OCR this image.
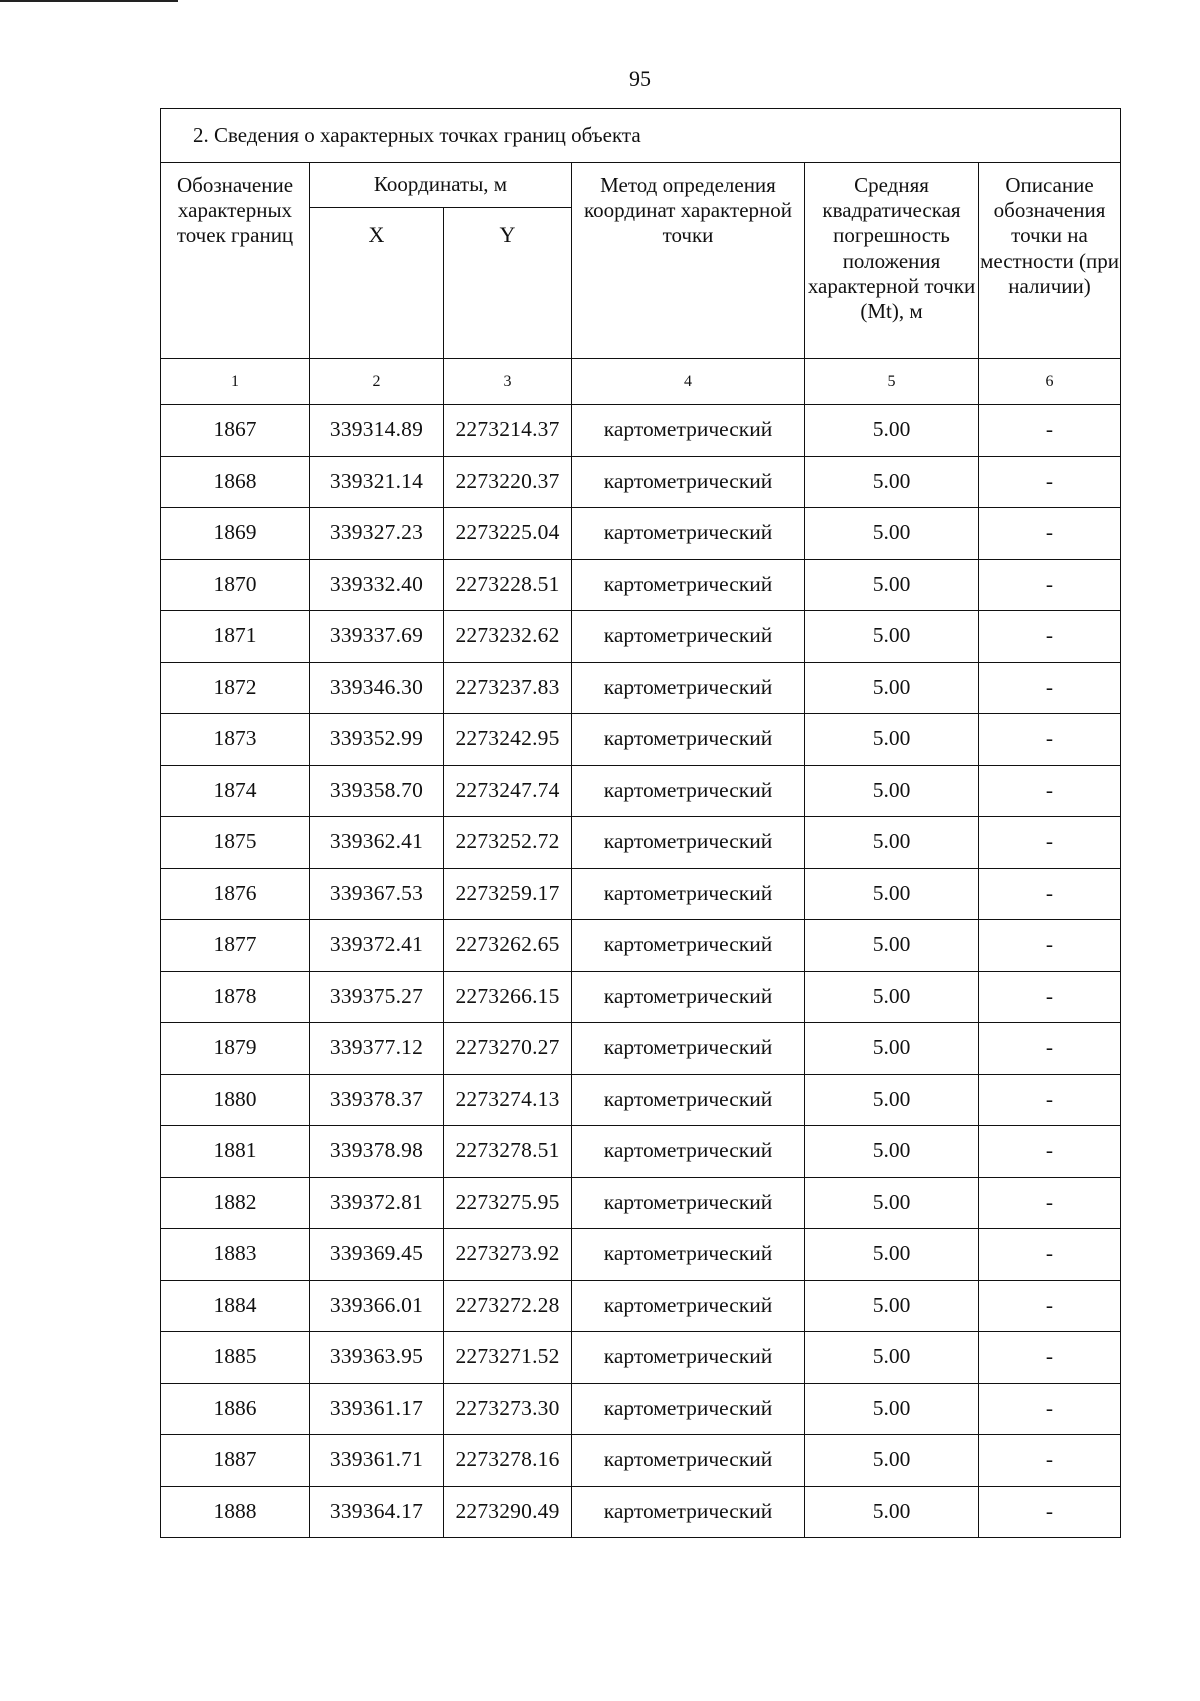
95
2. Сведения о характерных точках границ объекта					
Обозначение характерных точек границ	Координаты, м		Метод определения координат характерной точки	Средняя квадратическая погрешность положения характерной точки (Mt), м	Описание обозначения точки на местности (при наличии)
	X	Y			
1	2	3	4	5	6
1867	339314.89	2273214.37	картометрический	5.00	-
1868	339321.14	2273220.37	картометрический	5.00	-
1869	339327.23	2273225.04	картометрический	5.00	-
1870	339332.40	2273228.51	картометрический	5.00	-
1871	339337.69	2273232.62	картометрический	5.00	-
1872	339346.30	2273237.83	картометрический	5.00	-
1873	339352.99	2273242.95	картометрический	5.00	-
1874	339358.70	2273247.74	картометрический	5.00	-
1875	339362.41	2273252.72	картометрический	5.00	-
1876	339367.53	2273259.17	картометрический	5.00	-
1877	339372.41	2273262.65	картометрический	5.00	-
1878	339375.27	2273266.15	картометрический	5.00	-
1879	339377.12	2273270.27	картометрический	5.00	-
1880	339378.37	2273274.13	картометрический	5.00	-
1881	339378.98	2273278.51	картометрический	5.00	-
1882	339372.81	2273275.95	картометрический	5.00	-
1883	339369.45	2273273.92	картометрический	5.00	-
1884	339366.01	2273272.28	картометрический	5.00	-
1885	339363.95	2273271.52	картометрический	5.00	-
1886	339361.17	2273273.30	картометрический	5.00	-
1887	339361.71	2273278.16	картометрический	5.00	-
1888	339364.17	2273290.49	картометрический	5.00	-
